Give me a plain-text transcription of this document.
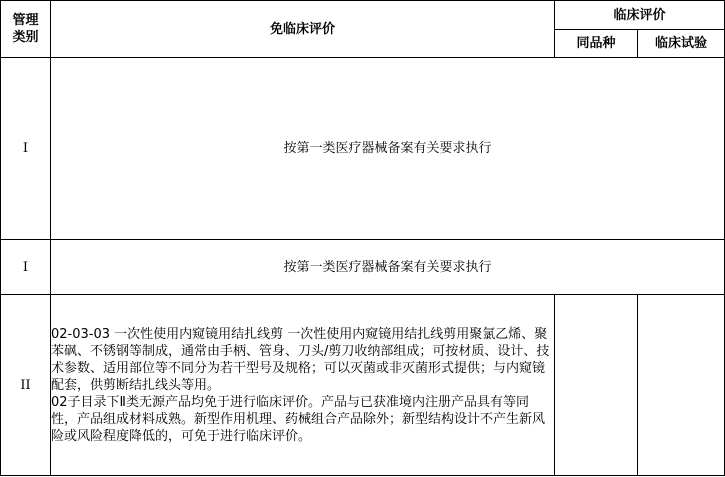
管理类别	免临床评价	临床评价	
		同品种	临床试验
I	按第一类医疗器械备案有关要求执行		
I	按第一类医疗器械备案有关要求执行		
II	02-03-03 一次性使用内窥镜用结扎线剪 一次性使用内窥镜用结扎线剪用聚氯乙烯、聚苯砜、不锈钢等制成，通常由手柄、管身、刀头/剪刀收纳部组成；可按材质、设计、技术参数、适用部位等不同分为若干型号及规格；可以灭菌或非灭菌形式提供；与内窥镜配套，供剪断结扎线头等用。

02子目录下Ⅱ类无源产品均免于进行临床评价。产品与已获准境内注册产品具有等同性，产品组成材料成熟。新型作用机理、药械组合产品除外；新型结构设计不产生新风险或风险程度降低的，可免于进行临床评价。		
